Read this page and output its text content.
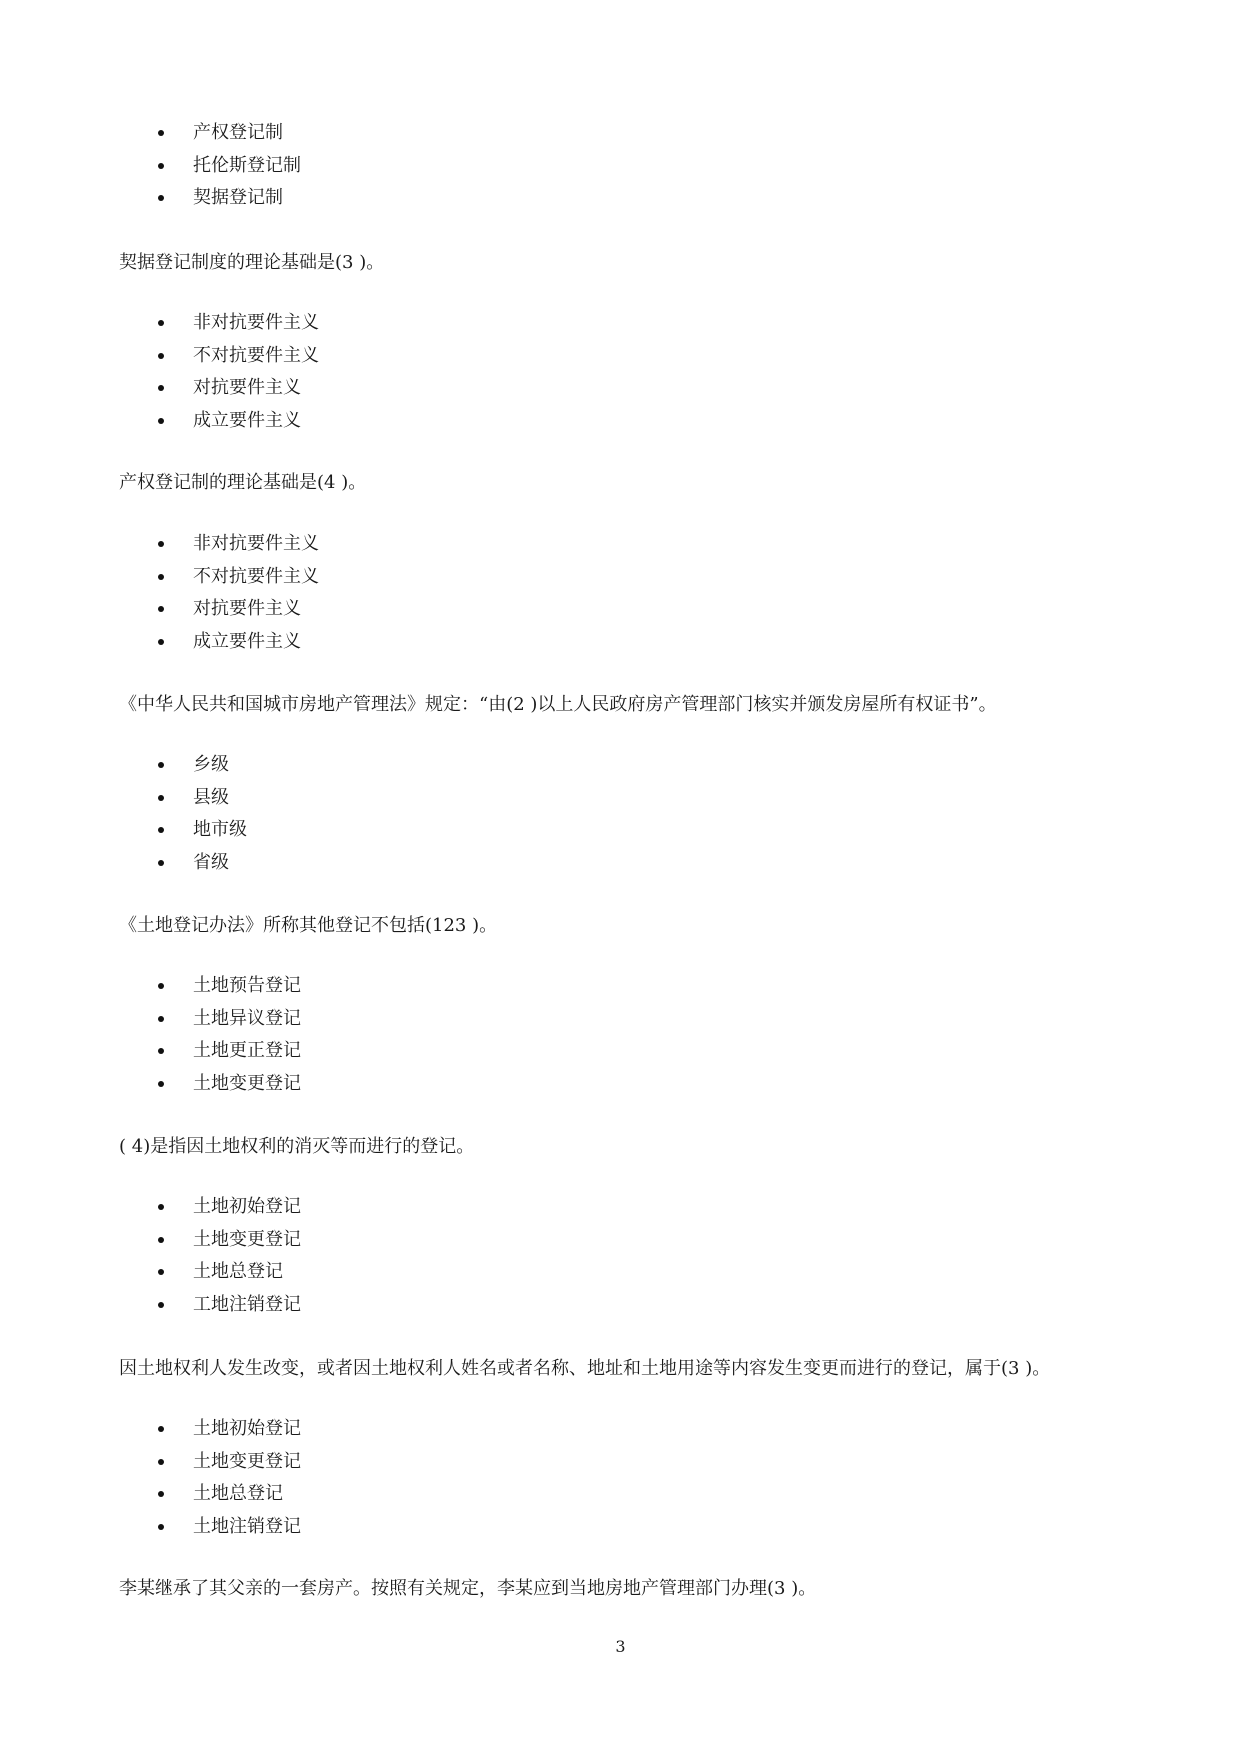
产权登记制
托伦斯登记制
契据登记制

契据登记制度的理论基础是(3 )。

非对抗要件主义
不对抗要件主义
对抗要件主义
成立要件主义

产权登记制的理论基础是(4 )。

非对抗要件主义
不对抗要件主义
对抗要件主义
成立要件主义

《中华人民共和国城市房地产管理法》规定：“由(2 )以上人民政府房产管理部门核实并颁发房屋所有权证书”。

乡级
县级
地市级
省级

《土地登记办法》所称其他登记不包括(123 )。

土地预告登记
土地异议登记
土地更正登记
土地变更登记

( 4)是指因土地权利的消灭等而进行的登记。

土地初始登记
土地变更登记
土地总登记
工地注销登记

因土地权利人发生改变，或者因土地权利人姓名或者名称、地址和土地用途等内容发生变更而进行的登记，属于(3 )。

土地初始登记
土地变更登记
土地总登记
土地注销登记

李某继承了其父亲的一套房产。按照有关规定，李某应到当地房地产管理部门办理(3 )。

3
